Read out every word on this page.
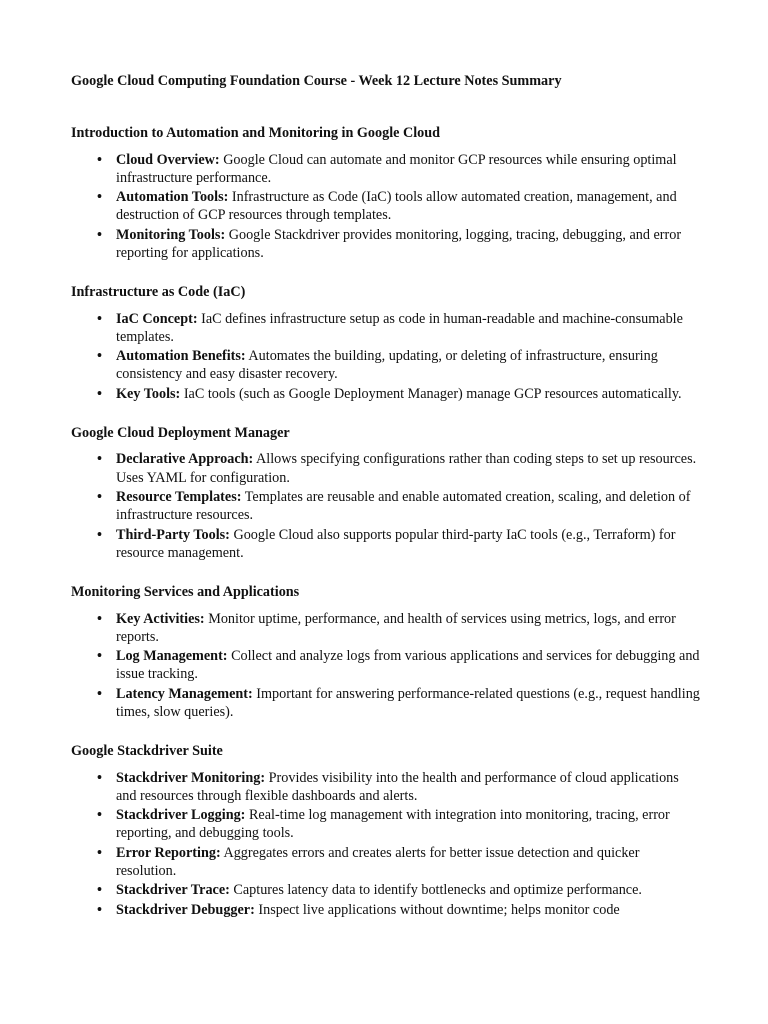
Google Cloud Computing Foundation Course - Week 12 Lecture Notes Summary
Introduction to Automation and Monitoring in Google Cloud
• Cloud Overview: Google Cloud can automate and monitor GCP resources while ensuring optimal infrastructure performance.
• Automation Tools: Infrastructure as Code (IaC) tools allow automated creation, management, and destruction of GCP resources through templates.
• Monitoring Tools: Google Stackdriver provides monitoring, logging, tracing, debugging, and error reporting for applications.
Infrastructure as Code (IaC)
• IaC Concept: IaC defines infrastructure setup as code in human-readable and machine-consumable templates.
• Automation Benefits: Automates the building, updating, or deleting of infrastructure, ensuring consistency and easy disaster recovery.
• Key Tools: IaC tools (such as Google Deployment Manager) manage GCP resources automatically.
Google Cloud Deployment Manager
• Declarative Approach: Allows specifying configurations rather than coding steps to set up resources. Uses YAML for configuration.
• Resource Templates: Templates are reusable and enable automated creation, scaling, and deletion of infrastructure resources.
• Third-Party Tools: Google Cloud also supports popular third-party IaC tools (e.g., Terraform) for resource management.
Monitoring Services and Applications
• Key Activities: Monitor uptime, performance, and health of services using metrics, logs, and error reports.
• Log Management: Collect and analyze logs from various applications and services for debugging and issue tracking.
• Latency Management: Important for answering performance-related questions (e.g., request handling times, slow queries).
Google Stackdriver Suite
• Stackdriver Monitoring: Provides visibility into the health and performance of cloud applications and resources through flexible dashboards and alerts.
• Stackdriver Logging: Real-time log management with integration into monitoring, tracing, error reporting, and debugging tools.
• Error Reporting: Aggregates errors and creates alerts for better issue detection and quicker resolution.
• Stackdriver Trace: Captures latency data to identify bottlenecks and optimize performance.
• Stackdriver Debugger: Inspect live applications without downtime; helps monitor code
